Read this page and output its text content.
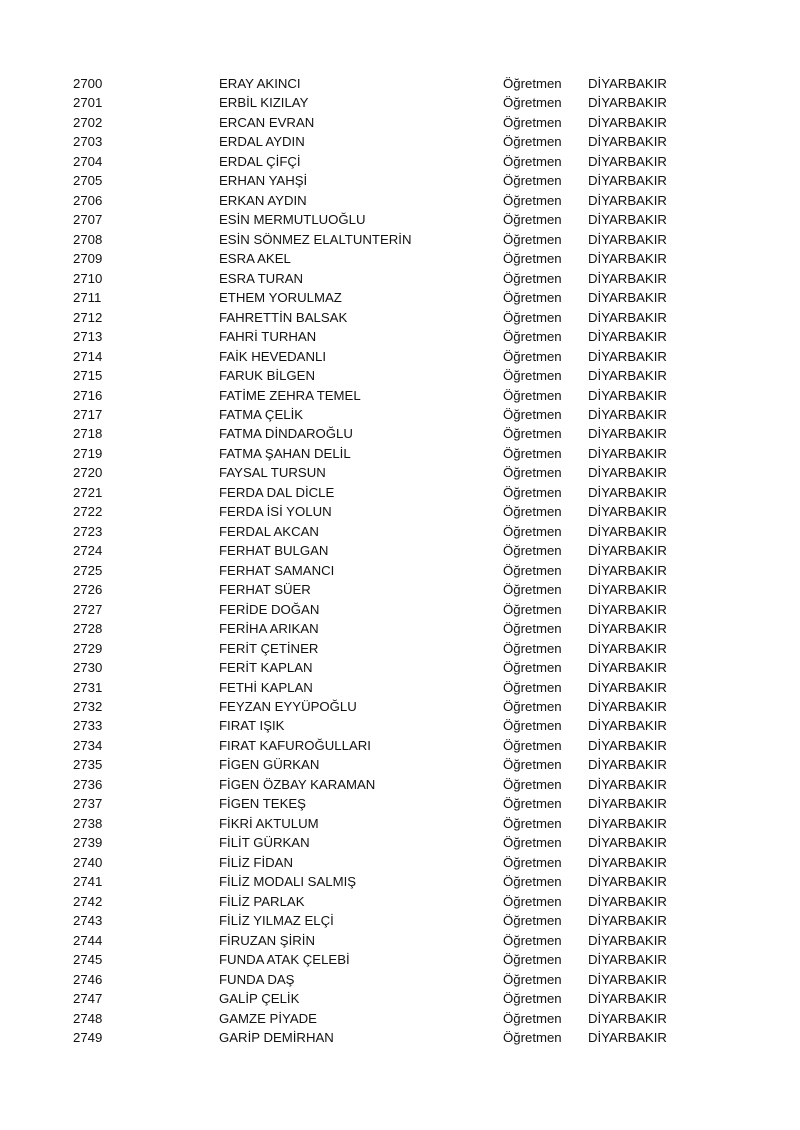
2700	ERAY AKINCI	Öğretmen DİYARBAKIR
2701	ERBİL KIZILAY	Öğretmen DİYARBAKIR
2702	ERCAN EVRAN	Öğretmen DİYARBAKIR
2703	ERDAL AYDIN	Öğretmen DİYARBAKIR
2704	ERDAL ÇİFÇİ	Öğretmen DİYARBAKIR
2705	ERHAN YAHŞİ	Öğretmen DİYARBAKIR
2706	ERKAN AYDIN	Öğretmen DİYARBAKIR
2707	ESİN MERMUTLUOĞLU	Öğretmen DİYARBAKIR
2708	ESİN SÖNMEZ ELALTUNTERİN	Öğretmen DİYARBAKIR
2709	ESRA AKEL	Öğretmen DİYARBAKIR
2710	ESRA TURAN	Öğretmen DİYARBAKIR
2711	ETHEM YORULMAZ	Öğretmen DİYARBAKIR
2712	FAHRETTİN BALSAK	Öğretmen DİYARBAKIR
2713	FAHRİ TURHAN	Öğretmen DİYARBAKIR
2714	FAİK HEVEDANLI	Öğretmen DİYARBAKIR
2715	FARUK BİLGEN	Öğretmen DİYARBAKIR
2716	FATİME ZEHRA TEMEL	Öğretmen DİYARBAKIR
2717	FATMA ÇELİK	Öğretmen DİYARBAKIR
2718	FATMA DİNDAROĞLU	Öğretmen DİYARBAKIR
2719	FATMA ŞAHAN DELİL	Öğretmen DİYARBAKIR
2720	FAYSAL TURSUN	Öğretmen DİYARBAKIR
2721	FERDA DAL DİCLE	Öğretmen DİYARBAKIR
2722	FERDA İSİ YOLUN	Öğretmen DİYARBAKIR
2723	FERDAL AKCAN	Öğretmen DİYARBAKIR
2724	FERHAT BULGAN	Öğretmen DİYARBAKIR
2725	FERHAT SAMANCI	Öğretmen DİYARBAKIR
2726	FERHAT SÜER	Öğretmen DİYARBAKIR
2727	FERİDE DOĞAN	Öğretmen DİYARBAKIR
2728	FERİHA ARIKAN	Öğretmen DİYARBAKIR
2729	FERİT ÇETİNER	Öğretmen DİYARBAKIR
2730	FERİT KAPLAN	Öğretmen DİYARBAKIR
2731	FETHİ KAPLAN	Öğretmen DİYARBAKIR
2732	FEYZAN EYYÜPOĞLU	Öğretmen DİYARBAKIR
2733	FIRAT IŞIK	Öğretmen DİYARBAKIR
2734	FIRAT KAFUROĞULLARI	Öğretmen DİYARBAKIR
2735	FİGEN GÜRKAN	Öğretmen DİYARBAKIR
2736	FİGEN ÖZBAY KARAMAN	Öğretmen DİYARBAKIR
2737	FİGEN TEKEŞ	Öğretmen DİYARBAKIR
2738	FİKRİ AKTULUM	Öğretmen DİYARBAKIR
2739	FİLİT GÜRKAN	Öğretmen DİYARBAKIR
2740	FİLİZ FİDAN	Öğretmen DİYARBAKIR
2741	FİLİZ MODALI SALMIŞ	Öğretmen DİYARBAKIR
2742	FİLİZ PARLAK	Öğretmen DİYARBAKIR
2743	FİLİZ YILMAZ ELÇİ	Öğretmen DİYARBAKIR
2744	FİRUZAN ŞİRİN	Öğretmen DİYARBAKIR
2745	FUNDA ATAK ÇELEBİ	Öğretmen DİYARBAKIR
2746	FUNDA DAŞ	Öğretmen DİYARBAKIR
2747	GALİP ÇELİK	Öğretmen DİYARBAKIR
2748	GAMZE PİYADE	Öğretmen DİYARBAKIR
2749	GARİP DEMİRHAN	Öğretmen DİYARBAKIR
